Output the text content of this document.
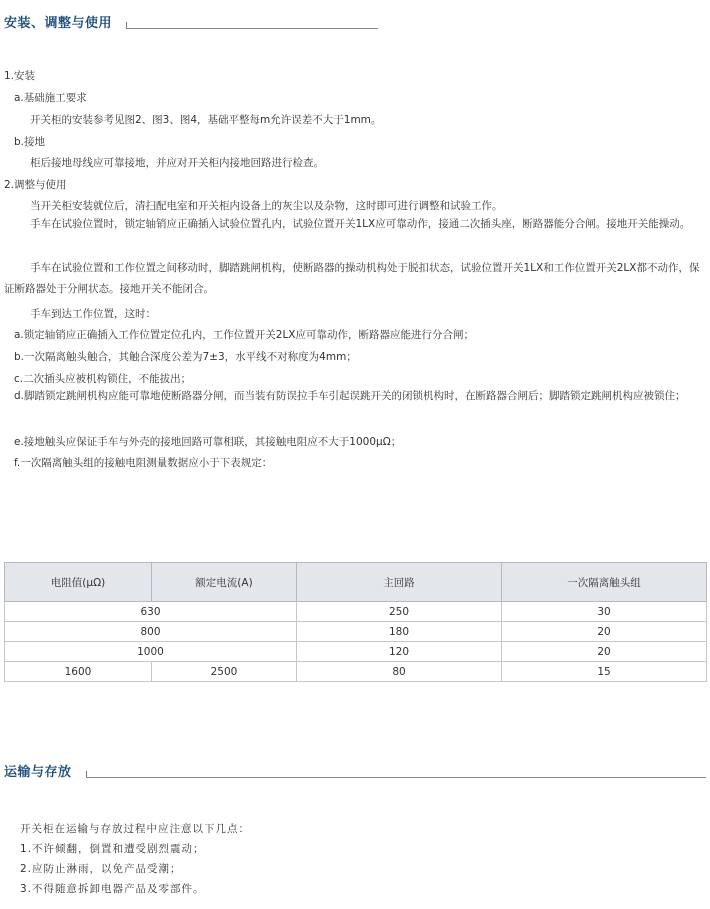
安装、调整与使用
1.安装
a.基础施工要求
开关柜的安装参考见图2、图3、图4，基础平整每m允许误差不大于1mm。
b.接地
柜后接地母线应可靠接地，并应对开关柜内接地回路进行检查。
2.调整与使用
当开关柜安装就位后，清扫配电室和开关柜内设备上的灰尘以及杂物，这时即可进行调整和试验工作。
手车在试验位置时，锁定轴销应正确插入试验位置孔内，试验位置开关1LX应可靠动作，接通二次插头座，断路器能分合闸。接地开关能操动。
手车在试验位置和工作位置之间移动时，脚踏跳闸机构，使断路器的操动机构处于脱扣状态，试验位置开关1LX和工作位置开关2LX都不动作，保证断路器处于分闸状态。接地开关不能闭合。
手车到达工作位置，这时：
a.锁定轴销应正确插入工作位置定位孔内，工作位置开关2LX应可靠动作，断路器应能进行分合闸；
b.一次隔离触头触合，其触合深度公差为7±3，水平线不对称度为4mm；
c.二次插头应被机构锁住，不能拔出；
d.脚踏锁定跳闸机构应能可靠地使断路器分闸，而当装有防误拉手车引起误跳开关的闭锁机构时，在断路器合闸后；脚踏锁定跳闸机构应被锁住；
e.接地触头应保证手车与外壳的接地回路可靠相联，其接触电阻应不大于1000μΩ；
f.一次隔离触头组的接触电阻测量数据应小于下表规定：
电阻值(μΩ)	额定电流(A)	主回路	一次隔离触头组
630		250	30
800		180	20
1000		120	20
1600	2500	80	15
运输与存放
开关柜在运输与存放过程中应注意以下几点：
1.不许倾翻，倒置和遭受剧烈震动；
2.应防止淋雨，以免产品受潮；
3.不得随意拆卸电器产品及零部件。
